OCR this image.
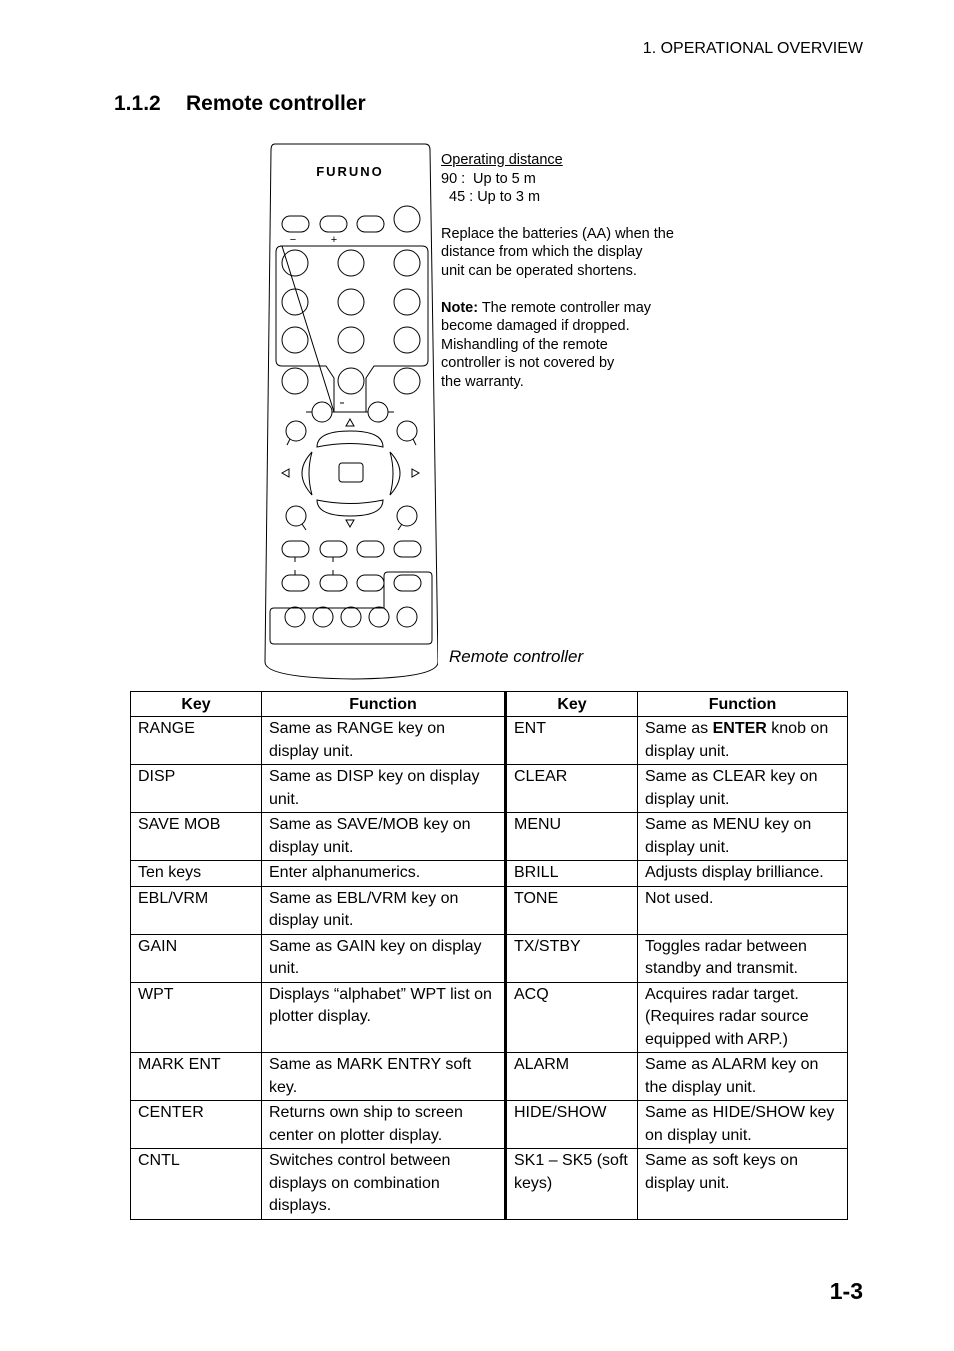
1. OPERATIONAL OVERVIEW
1.1.2 Remote controller
FURUNO
−	+

Operating distance

90 : Up to 5 m

45 : Up to 3 m

Replace the batteries (AA) when the

distance from which the display

unit can be operated shortens.

Note: The remote controller may

become damaged if dropped.

Mishandling of the remote

controller is not covered by

the warranty.

Remote controller
Key	Function	Key	Function
RANGE	Same as RANGE key on display unit.	ENT	Same as ENTER knob on display unit.
DISP	Same as DISP key on display unit.	CLEAR	Same as CLEAR key on display unit.
SAVE MOB	Same as SAVE/MOB key on display unit.	MENU	Same as MENU key on display unit.
Ten keys	Enter alphanumerics.	BRILL	Adjusts display brilliance.
EBL/VRM	Same as EBL/VRM key on display unit.	TONE	Not used.
GAIN	Same as GAIN key on display unit.	TX/STBY	Toggles radar between standby and transmit.
WPT	Displays “alphabet” WPT list on plotter display.	ACQ	Acquires radar target. (Requires radar source equipped with ARP.)
MARK ENT	Same as MARK ENTRY soft key.	ALARM	Same as ALARM key on the display unit.
CENTER	Returns own ship to screen center on plotter display.	HIDE/SHOW	Same as HIDE/SHOW key on display unit.
CNTL	Switches control between displays on combination displays.	SK1 – SK5 (soft keys)	Same as soft keys on display unit.
1-3
